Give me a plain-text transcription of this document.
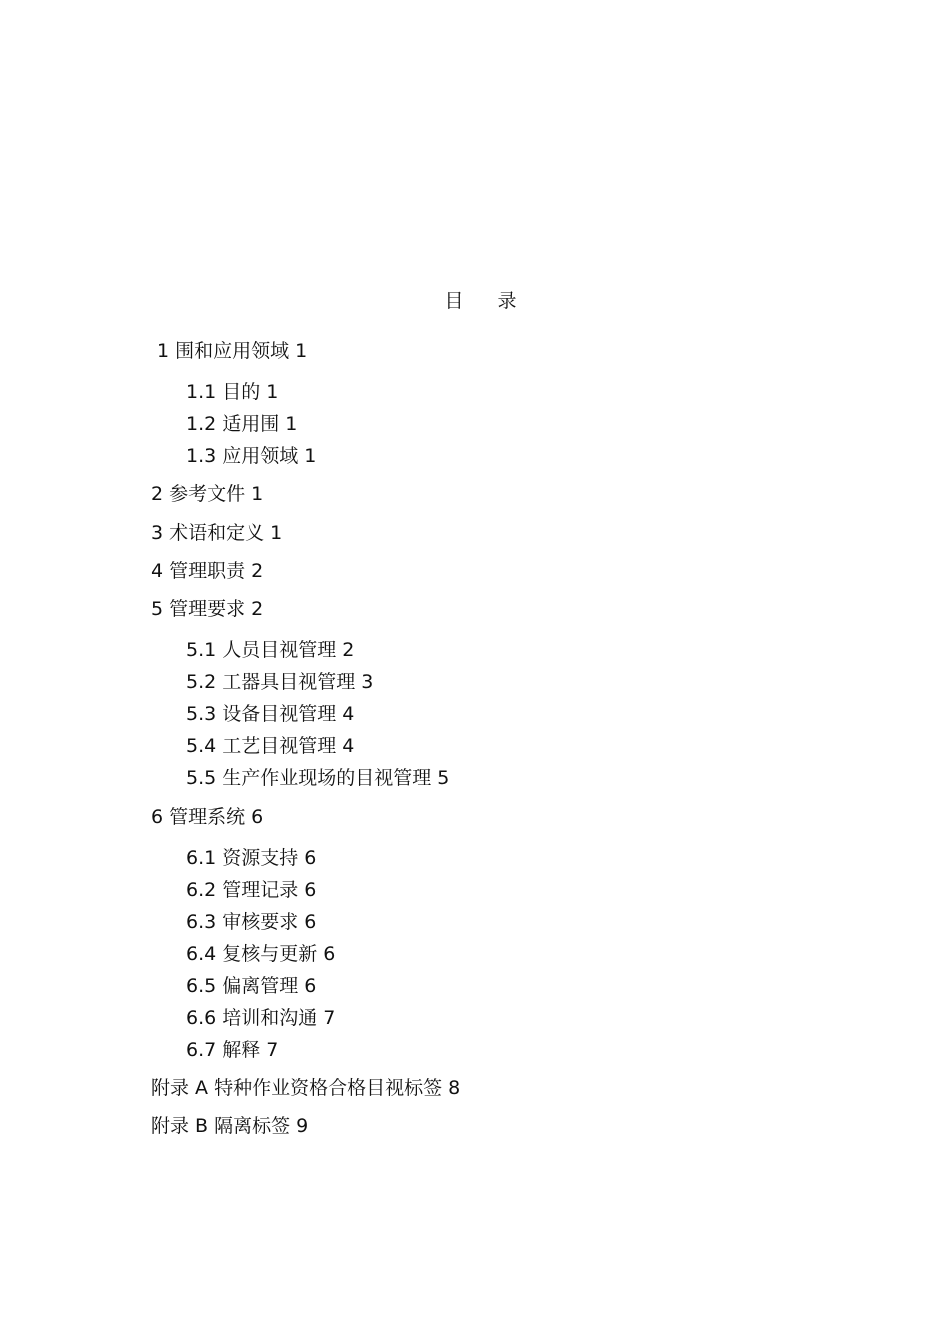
目 录
1 围和应用领域 1
1.1 目的 1
1.2 适用围 1
1.3 应用领域 1
2 参考文件 1
3 术语和定义 1
4 管理职责 2
5 管理要求 2
5.1 人员目视管理 2
5.2 工器具目视管理 3
5.3 设备目视管理 4
5.4 工艺目视管理 4
5.5 生产作业现场的目视管理 5
6 管理系统 6
6.1 资源支持 6
6.2 管理记录 6
6.3 审核要求 6
6.4 复核与更新 6
6.5 偏离管理 6
6.6 培训和沟通 7
6.7 解释 7
附录 A 特种作业资格合格目视标签 8
附录 B 隔离标签 9
